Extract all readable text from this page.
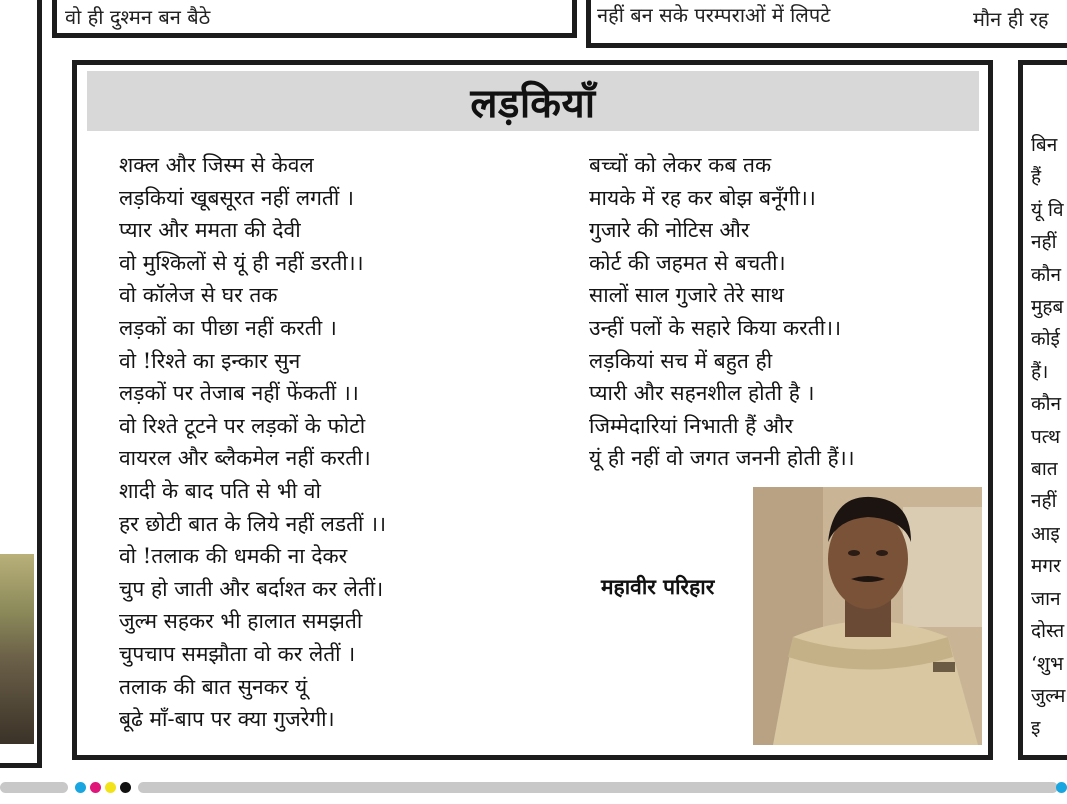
वो ही दुश्मन बन बैठे	नहीं बन सके परम्पराओं में लिपटे	मौन ही रह
लड़कियाँ
शक्ल और जिस्म से केवल
लड़कियां खूबसूरत नहीं लगतीं ।
प्यार और ममता की देवी
वो मुश्किलों से यूं ही नहीं डरती।।
वो कॉलेज से घर तक
लड़कों का पीछा नहीं करती ।
वो !रिश्ते का इन्कार सुन
लड़कों पर तेजाब नहीं फेंकतीं ।।
वो रिश्ते टूटने पर लड़कों के फोटो
वायरल और ब्लैकमेल नहीं करती।
शादी के बाद पति से भी वो
हर छोटी बात के लिये नहीं लडतीं ।।
वो !तलाक की धमकी ना देकर
चुप हो जाती और बर्दाश्त कर लेतीं।
जुल्म सहकर भी हालात समझती
चुपचाप समझौता वो कर लेतीं ।
तलाक की बात सुनकर यूं
बूढे माँ-बाप पर क्या गुजरेगी।
बच्चों को लेकर कब तक
मायके में रह कर बोझ बनूँगी।।
गुजारे की नोटिस और
कोर्ट की जहमत से बचती।
सालों साल गुजारे तेरे साथ
उन्हीं पलों के सहारे किया करती।।
लड़कियां सच में बहुत ही
प्यारी और सहनशील होती है ।
जिम्मेदारियां निभाती हैं और
यूं ही नहीं वो जगत जननी होती हैं।।
महावीर परिहार
बिन
हैं
यूं वि
नहीं
कौन
मुहब
कोई
हैं।
कौन
पत्थ
बात
नहीं
आइ
मगर
जान
दोस्त
‘शुभ
जुल्म
इ
